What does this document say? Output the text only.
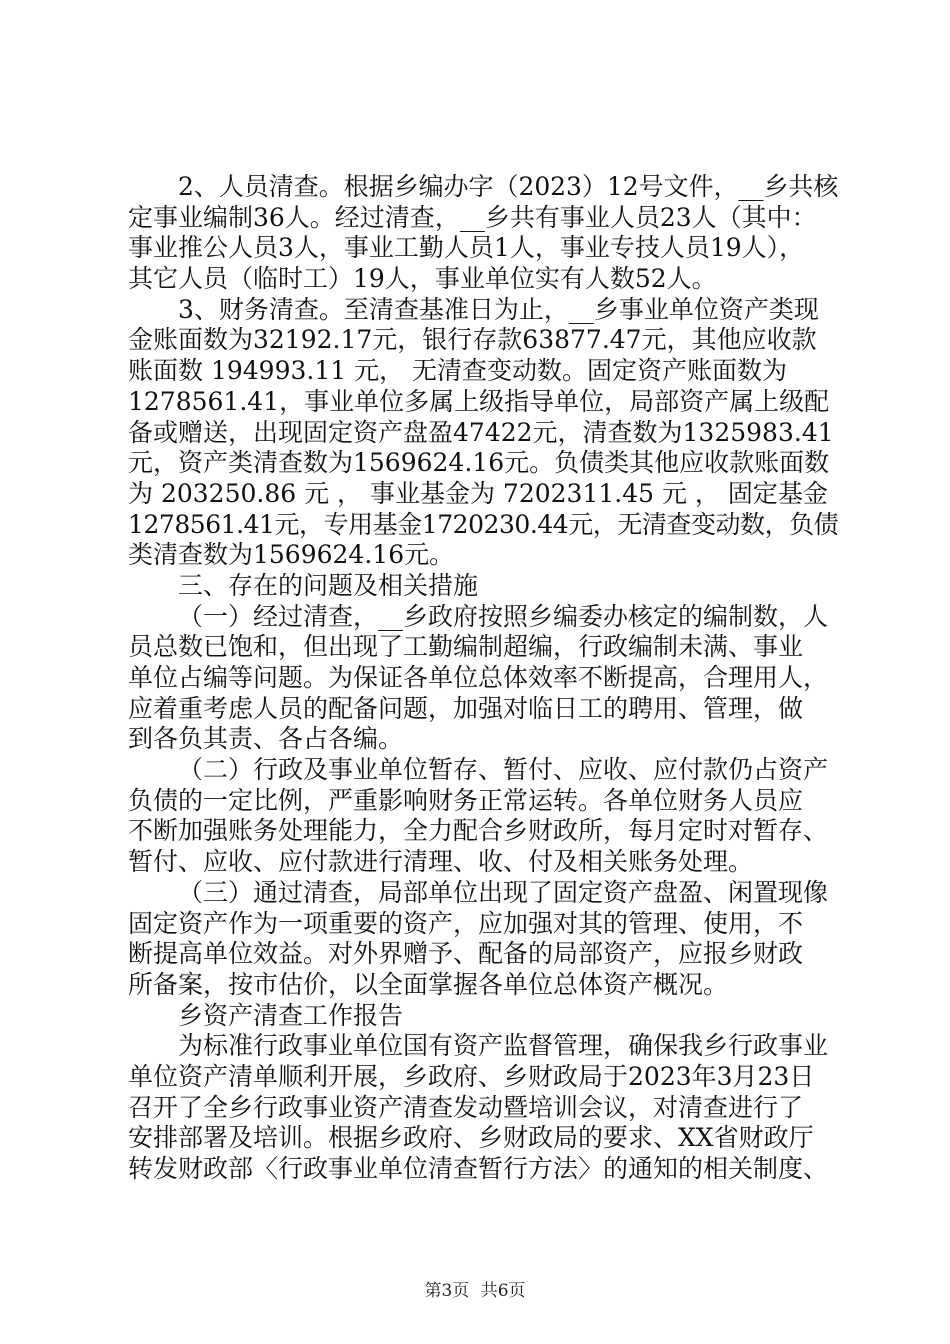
2、人员清查。根据乡编办字（2023）12号文件，__乡共核
定事业编制36人。经过清查，__乡共有事业人员23人（其中：
事业推公人员3人，事业工勤人员1人，事业专技人员19人），
其它人员（临时工）19人，事业单位实有人数52人。
3、财务清查。至清查基准日为止，__乡事业单位资产类现
金账面数为32192.17元，银行存款63877.47元，其他应收款
账面数 194993.11 元， 无清查变动数。固定资产账面数为
1278561.41，事业单位多属上级指导单位，局部资产属上级配
备或赠送，出现固定资产盘盈47422元，清查数为1325983.41
元，资产类清查数为1569624.16元。负债类其他应收款账面数
为 203250.86 元 ， 事业基金为 7202311.45 元 ， 固定基金
1278561.41元，专用基金1720230.44元，无清查变动数，负债
类清查数为1569624.16元。
三、存在的问题及相关措施
（一）经过清查，__乡政府按照乡编委办核定的编制数，人
员总数已饱和，但出现了工勤编制超编，行政编制未满、事业
单位占编等问题。为保证各单位总体效率不断提高，合理用人，
应着重考虑人员的配备问题，加强对临日工的聘用、管理，做
到各负其责、各占各编。
（二）行政及事业单位暂存、暂付、应收、应付款仍占资产
负债的一定比例，严重影响财务正常运转。各单位财务人员应
不断加强账务处理能力，全力配合乡财政所，每月定时对暂存、
暂付、应收、应付款进行清理、收、付及相关账务处理。
（三）通过清查，局部单位出现了固定资产盘盈、闲置现像
固定资产作为一项重要的资产，应加强对其的管理、使用，不
断提高单位效益。对外界赠予、配备的局部资产，应报乡财政
所备案，按市估价，以全面掌握各单位总体资产概况。
乡资产清查工作报告
为标准行政事业单位国有资产监督管理，确保我乡行政事业
单位资产清单顺利开展，乡政府、乡财政局于2023年3月23日
召开了全乡行政事业资产清查发动暨培训会议，对清查进行了
安排部署及培训。根据乡政府、乡财政局的要求、XX省财政厅
转发财政部〈行政事业单位清查暂行方法〉的通知的相关制度、
第3页 共6页
